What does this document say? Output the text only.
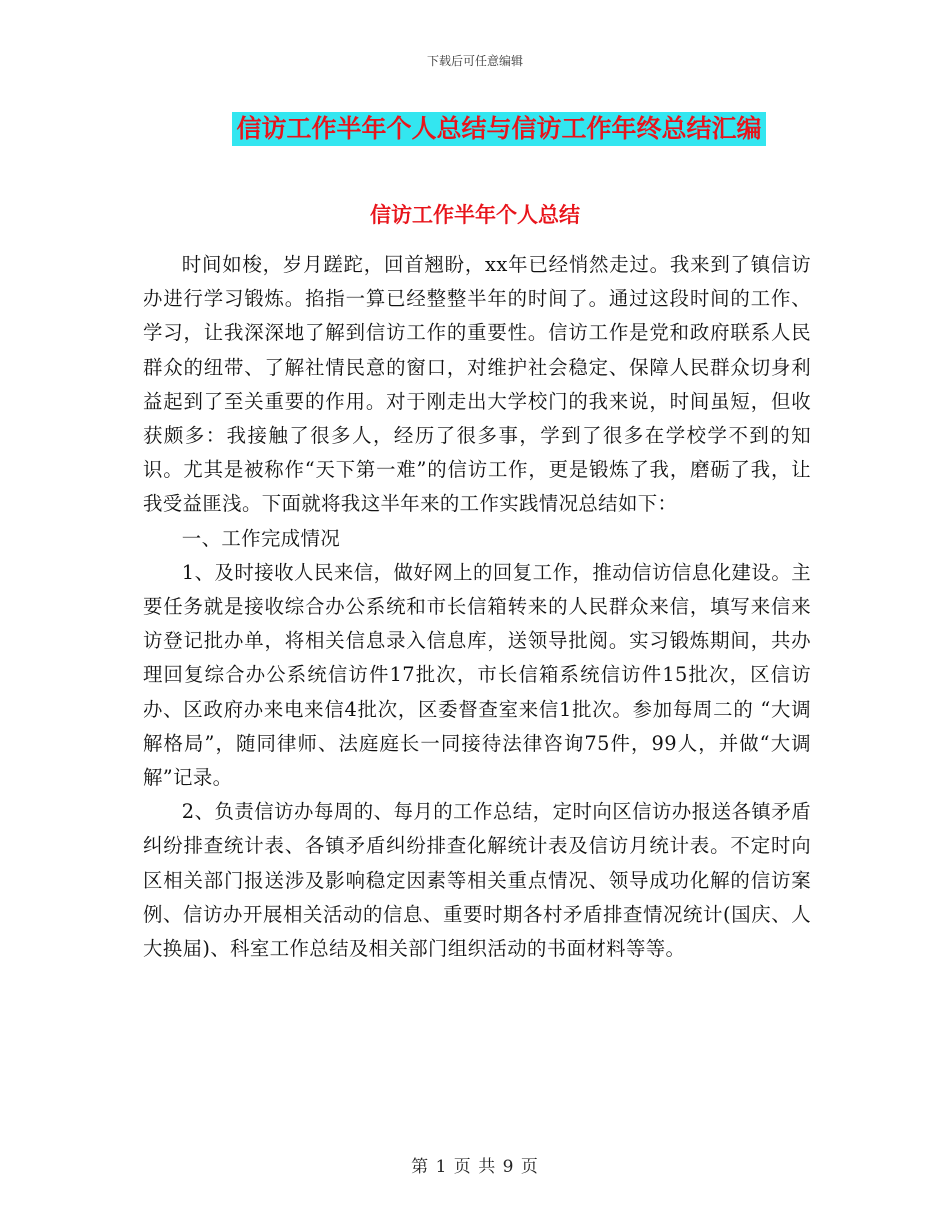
下载后可任意编辑
信访工作半年个人总结与信访工作年终总结汇编
信访工作半年个人总结

时间如梭，岁月蹉跎，回首翘盼，xx年已经悄然走过。我来到了镇信访办进行学习锻炼。掐指一算已经整整半年的时间了。通过这段时间的工作、学习，让我深深地了解到信访工作的重要性。信访工作是党和政府联系人民群众的纽带、了解社情民意的窗口，对维护社会稳定、保障人民群众切身利益起到了至关重要的作用。对于刚走出大学校门的我来说，时间虽短，但收获颇多：我接触了很多人，经历了很多事，学到了很多在学校学不到的知识。尤其是被称作“天下第一难”的信访工作，更是锻炼了我，磨砺了我，让我受益匪浅。下面就将我这半年来的工作实践情况总结如下：

一、工作完成情况

1、及时接收人民来信，做好网上的回复工作，推动信访信息化建设。主要任务就是接收综合办公系统和市长信箱转来的人民群众来信，填写来信来访登记批办单，将相关信息录入信息库，送领导批阅。实习锻炼期间，共办理回复综合办公系统信访件17批次，市长信箱系统信访件15批次，区信访办、区政府办来电来信4批次，区委督查室来信1批次。参加每周二的 “大调解格局”，随同律师、法庭庭长一同接待法律咨询75件，99人，并做“大调解”记录。

2、负责信访办每周的、每月的工作总结，定时向区信访办报送各镇矛盾纠纷排查统计表、各镇矛盾纠纷排查化解统计表及信访月统计表。不定时向区相关部门报送涉及影响稳定因素等相关重点情况、领导成功化解的信访案例、信访办开展相关活动的信息、重要时期各村矛盾排查情况统计(国庆、人大换届)、科室工作总结及相关部门组织活动的书面材料等等。

第 1 页 共 9 页
